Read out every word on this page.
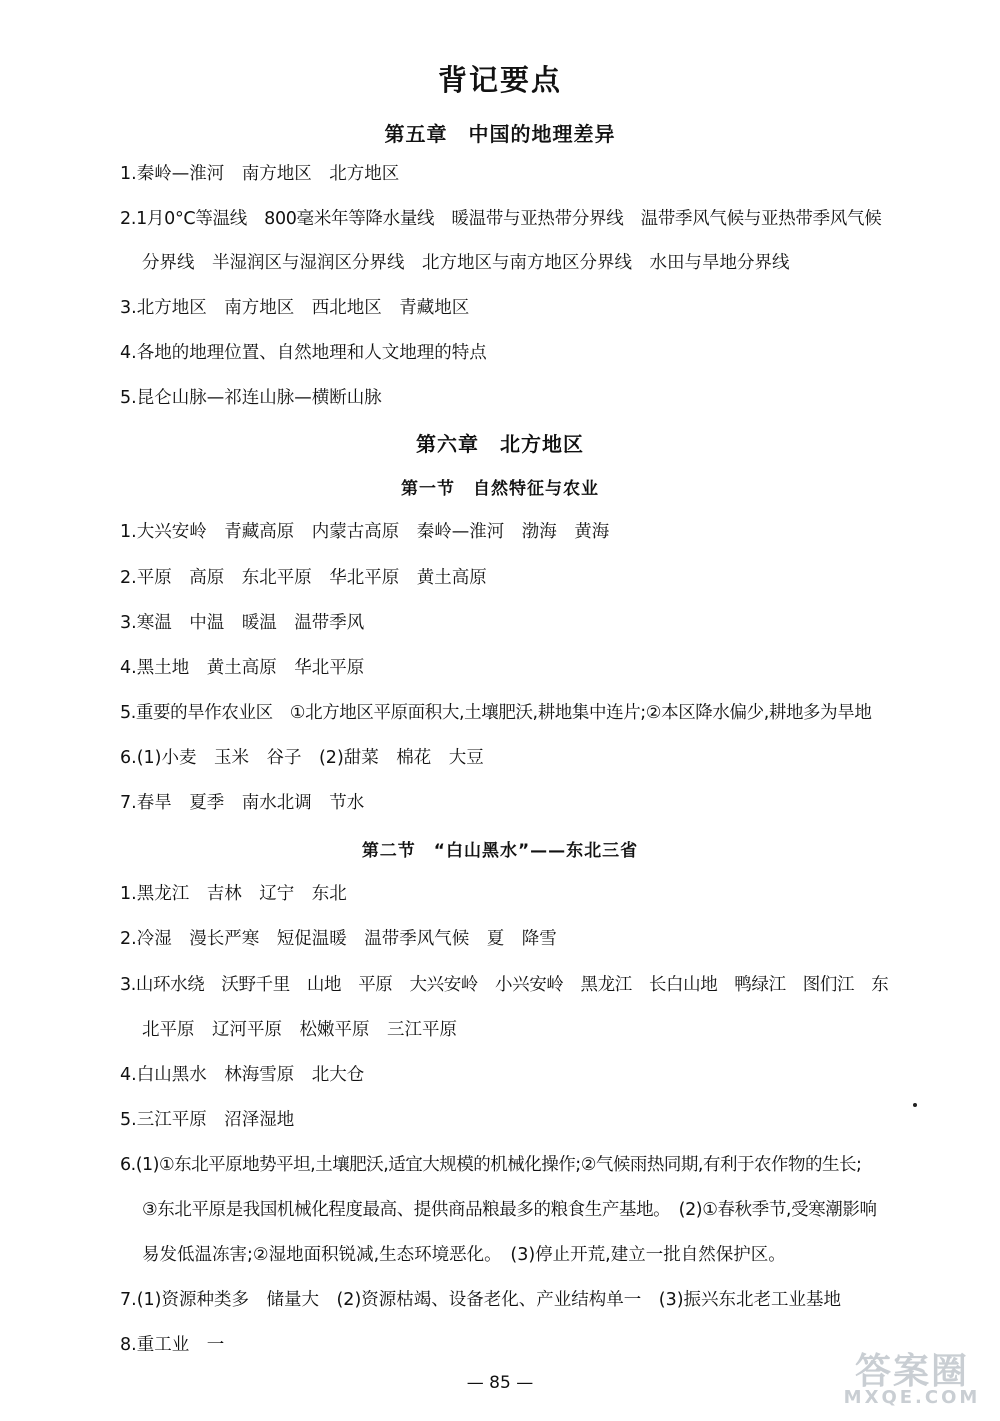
背记要点
第五章　中国的地理差异
1.秦岭—淮河　南方地区　北方地区
2.1月0°C等温线　800毫米年等降水量线　暖温带与亚热带分界线　温带季风气候与亚热带季风气候
分界线　半湿润区与湿润区分界线　北方地区与南方地区分界线　水田与旱地分界线
3.北方地区　南方地区　西北地区　青藏地区
4.各地的地理位置、自然地理和人文地理的特点
5.昆仑山脉—祁连山脉—横断山脉
第六章　北方地区
第一节　自然特征与农业
1.大兴安岭　青藏高原　内蒙古高原　秦岭—淮河　渤海　黄海
2.平原　高原　东北平原　华北平原　黄土高原
3.寒温　中温　暖温　温带季风
4.黑土地　黄土高原　华北平原
5.重要的旱作农业区　①北方地区平原面积大,土壤肥沃,耕地集中连片;②本区降水偏少,耕地多为旱地
6.(1)小麦　玉米　谷子　(2)甜菜　棉花　大豆
7.春旱　夏季　南水北调　节水
第二节　“白山黑水”——东北三省
1.黑龙江　吉林　辽宁　东北
2.冷湿　漫长严寒　短促温暖　温带季风气候　夏　降雪
3.山环水绕　沃野千里　山地　平原　大兴安岭　小兴安岭　黑龙江　长白山地　鸭绿江　图们江　东
北平原　辽河平原　松嫩平原　三江平原
4.白山黑水　林海雪原　北大仓
5.三江平原　沼泽湿地
6.(1)①东北平原地势平坦,土壤肥沃,适宜大规模的机械化操作;②气候雨热同期,有利于农作物的生长;
③东北平原是我国机械化程度最高、提供商品粮最多的粮食生产基地。　(2)①春秋季节,受寒潮影响
易发低温冻害;②湿地面积锐减,生态环境恶化。　(3)停止开荒,建立一批自然保护区。
7.(1)资源种类多　储量大　(2)资源枯竭、设备老化、产业结构单一　(3)振兴东北老工业基地
8.重工业　一
— 85 —	答案圈
MXQE.COM
